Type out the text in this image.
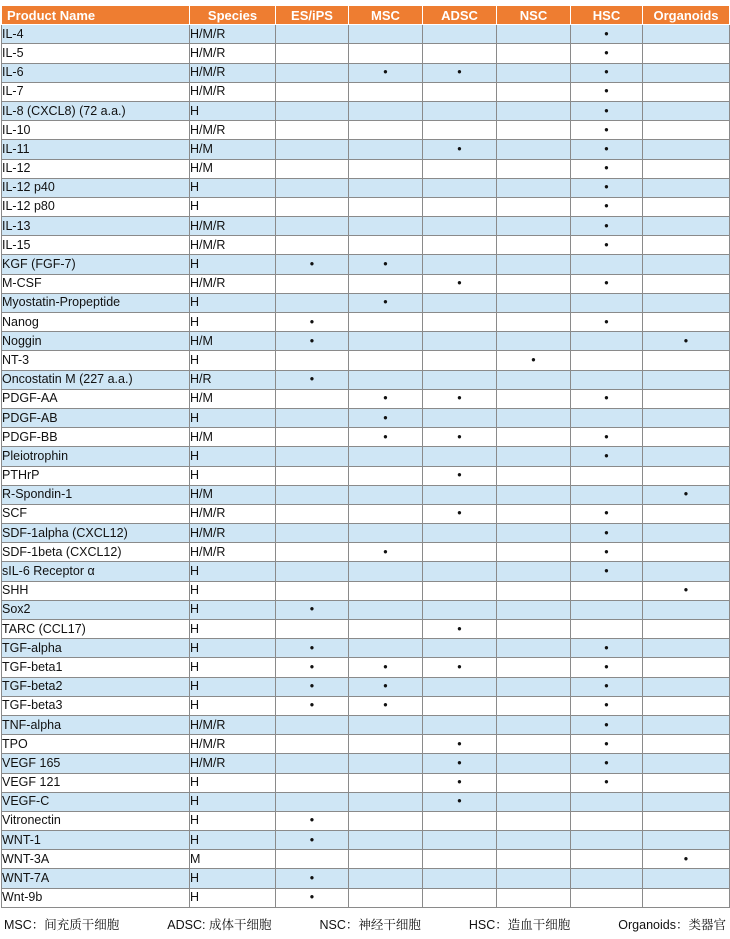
Product Name	Species	ES/iPS	MSC	ADSC	NSC	HSC	Organoids
IL-4	H/M/R					•	
IL-5	H/M/R					•	
IL-6	H/M/R		•	•		•	
IL-7	H/M/R					•	
IL-8 (CXCL8) (72 a.a.)	H					•	
IL-10	H/M/R					•	
IL-11	H/M			•		•	
IL-12	H/M					•	
IL-12 p40	H					•	
IL-12 p80	H					•	
IL-13	H/M/R					•	
IL-15	H/M/R					•	
KGF (FGF-7)	H	•	•				
M-CSF	H/M/R			•		•	
Myostatin-Propeptide	H		•				
Nanog	H	•				•	
Noggin	H/M	•					•
NT-3	H				•		
Oncostatin M (227 a.a.)	H/R	•					
PDGF-AA	H/M		•	•		•	
PDGF-AB	H		•				
PDGF-BB	H/M		•	•		•	
Pleiotrophin	H					•	
PTHrP	H			•			
R-Spondin-1	H/M						•
SCF	H/M/R			•		•	
SDF-1alpha (CXCL12)	H/M/R					•	
SDF-1beta (CXCL12)	H/M/R		•			•	
sIL-6 Receptor α	H					•	
SHH	H						•
Sox2	H	•					
TARC (CCL17)	H			•			
TGF-alpha	H	•				•	
TGF-beta1	H	•	•	•		•	
TGF-beta2	H	•	•			•	
TGF-beta3	H	•	•			•	
TNF-alpha	H/M/R					•	
TPO	H/M/R			•		•	
VEGF 165	H/M/R			•		•	
VEGF 121	H			•		•	
VEGF-C	H			•			
Vitronectin	H	•					
WNT-1	H	•					
WNT-3A	M						•
WNT-7A	H	•					
Wnt-9b	H	•					
MSC：间充质干细胞	ADSC: 成体干细胞	NSC：神经干细胞	HSC：造血干细胞	Organoids：类器官
